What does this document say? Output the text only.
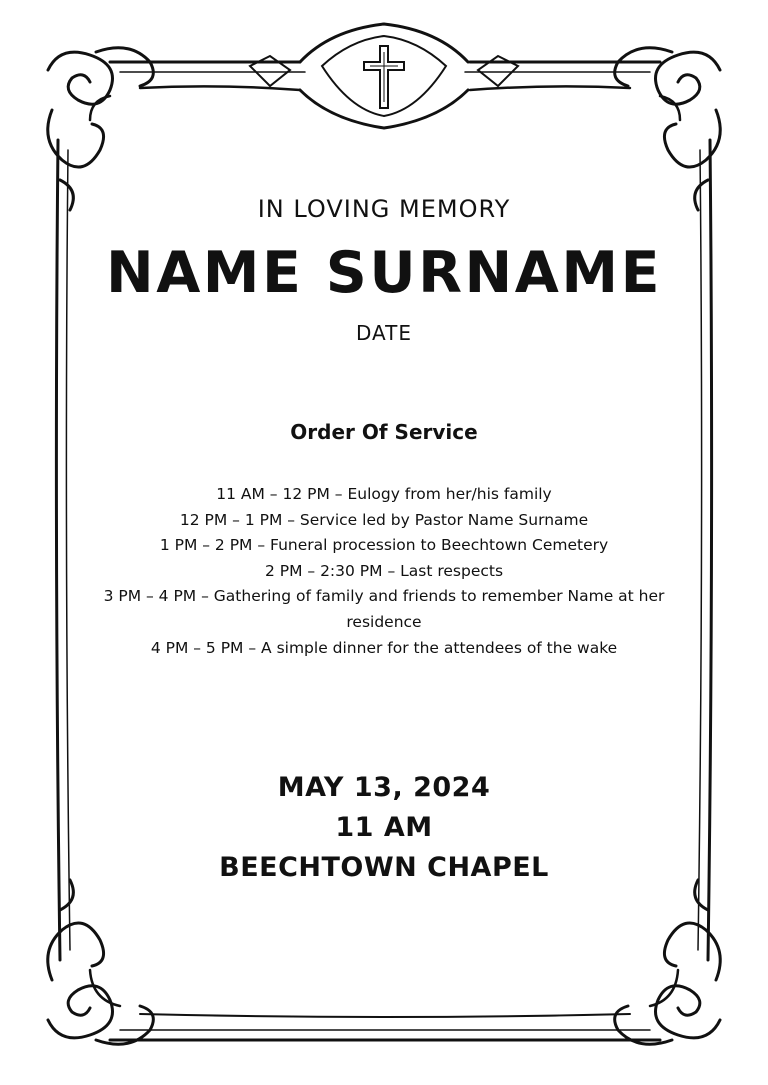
IN LOVING MEMORY
NAME SURNAME
DATE
Order Of Service
11 AM – 12 PM – Eulogy from her/his family
12 PM – 1 PM – Service led by Pastor Name Surname
1 PM – 2 PM – Funeral procession to Beechtown Cemetery
2 PM – 2:30 PM – Last respects
3 PM – 4 PM – Gathering of family and friends to remember Name at her residence
4 PM – 5 PM – A simple dinner for the attendees of the wake
MAY 13, 2024
11 AM
BEECHTOWN CHAPEL
